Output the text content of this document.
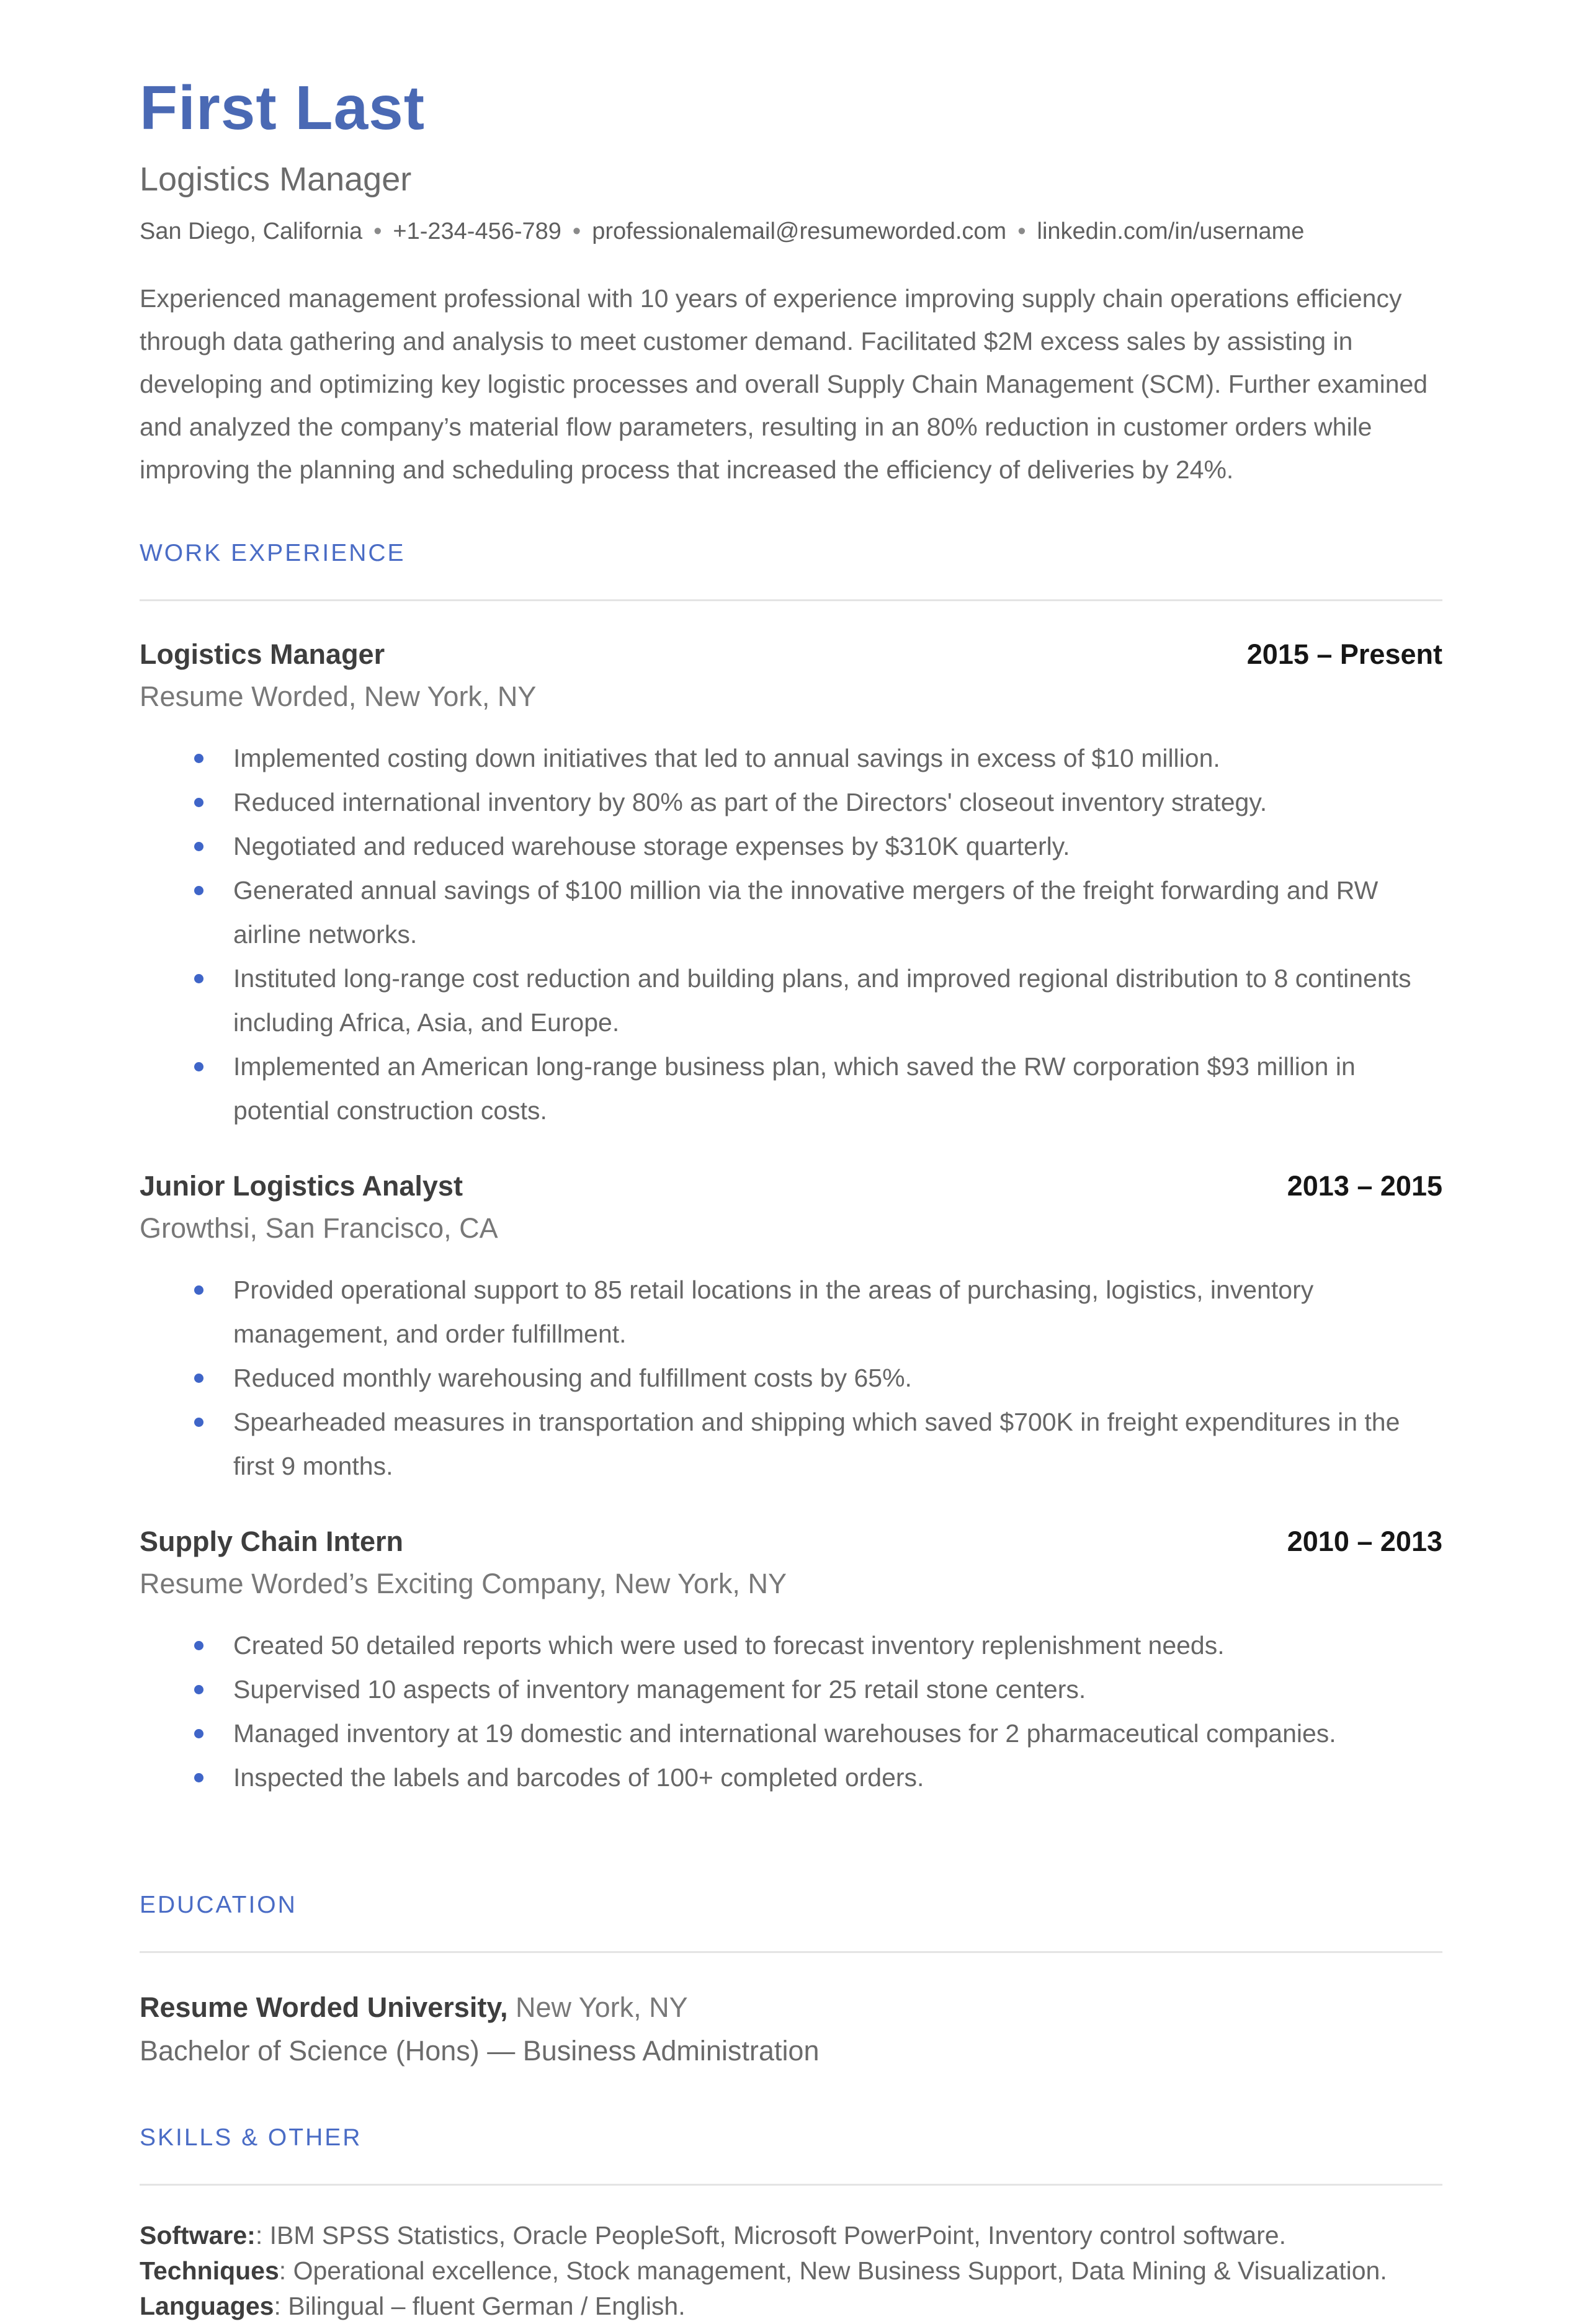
First Last
Logistics Manager
San Diego, California • +1-234-456-789 • professionalemail@resumeworded.com • linkedin.com/in/username
Experienced management professional with 10 years of experience improving supply chain operations efficiency through data gathering and analysis to meet customer demand. Facilitated $2M excess sales by assisting in developing and optimizing key logistic processes and overall Supply Chain Management (SCM). Further examined and analyzed the company’s material flow parameters, resulting in an 80% reduction in customer orders while improving the planning and scheduling process that increased the efficiency of deliveries by 24%.
WORK EXPERIENCE
Logistics Manager	2015 – Present
Resume Worded, New York, NY
Implemented costing down initiatives that led to annual savings in excess of $10 million.
Reduced international inventory by 80% as part of the Directors' closeout inventory strategy.
Negotiated and reduced warehouse storage expenses by $310K quarterly.
Generated annual savings of $100 million via the innovative mergers of the freight forwarding and RW airline networks.
Instituted long-range cost reduction and building plans, and improved regional distribution to 8 continents including Africa, Asia, and Europe.
Implemented an American long-range business plan, which saved the RW corporation $93 million in potential construction costs.
Junior Logistics Analyst	2013 – 2015
Growthsi, San Francisco, CA
Provided operational support to 85 retail locations in the areas of purchasing, logistics, inventory management, and order fulfillment.
Reduced monthly warehousing and fulfillment costs by 65%.
Spearheaded measures in transportation and shipping which saved $700K in freight expenditures in the first 9 months.
Supply Chain Intern	2010 – 2013
Resume Worded’s Exciting Company, New York, NY
Created 50 detailed reports which were used to forecast inventory replenishment needs.
Supervised 10 aspects of inventory management for 25 retail stone centers.
Managed inventory at 19 domestic and international warehouses for 2 pharmaceutical companies.
Inspected the labels and barcodes of 100+ completed orders.
EDUCATION
Resume Worded University, New York, NY
Bachelor of Science (Hons) — Business Administration
SKILLS & OTHER
Software:: IBM SPSS Statistics, Oracle PeopleSoft, Microsoft PowerPoint, Inventory control software.
Techniques: Operational excellence, Stock management, New Business Support, Data Mining & Visualization.
Languages: Bilingual – fluent German / English.
